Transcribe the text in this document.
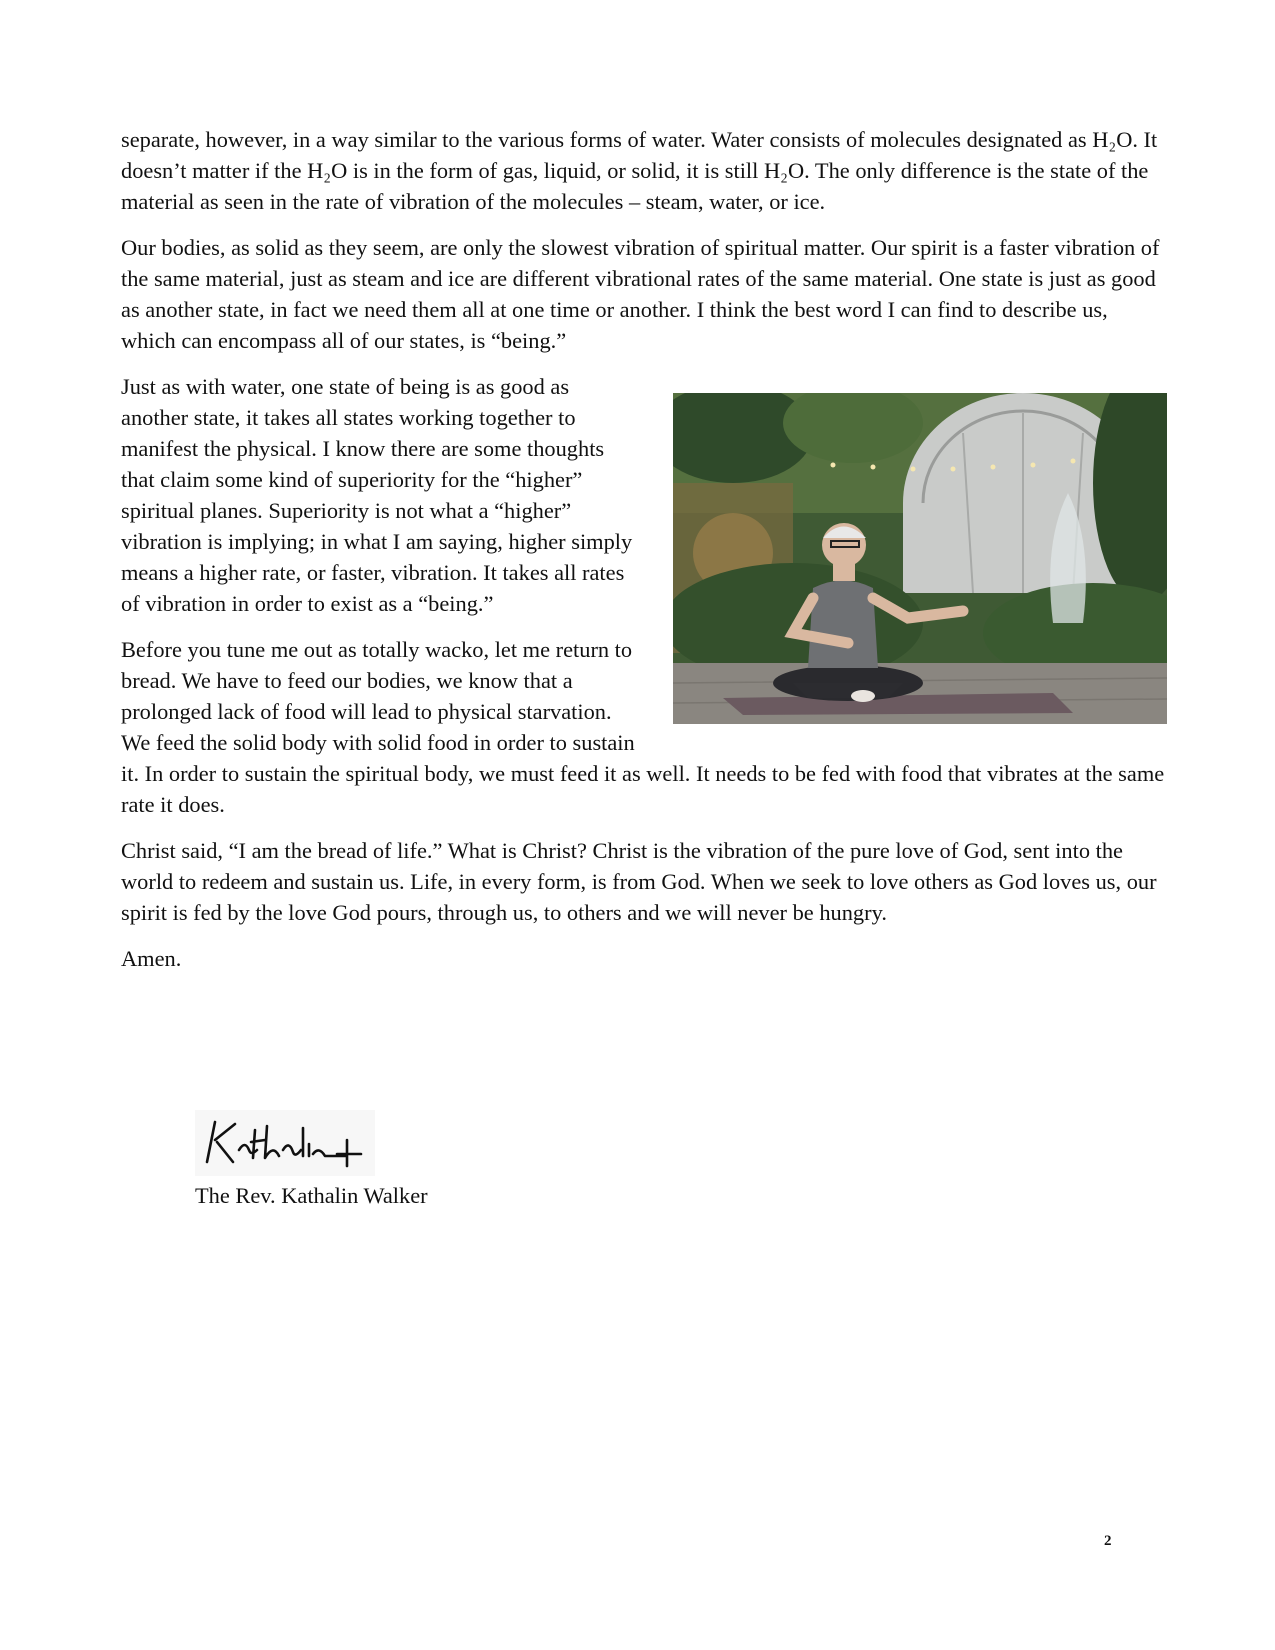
separate, however, in a way similar to the various forms of water. Water consists of molecules designated as H₂O. It doesn’t matter if the H₂O is in the form of gas, liquid, or solid, it is still H₂O. The only difference is the state of the material as seen in the rate of vibration of the molecules – steam, water, or ice.

Our bodies, as solid as they seem, are only the slowest vibration of spiritual matter. Our spirit is a faster vibration of the same material, just as steam and ice are different vibrational rates of the same material. One state is just as good as another state, in fact we need them all at one time or another. I think the best word I can find to describe us, which can encompass all of our states, is “being.”

Just as with water, one state of being is as good as another state, it takes all states working together to manifest the physical. I know there are some thoughts that claim some kind of superiority for the “higher” spiritual planes. Superiority is not what a “higher” vibration is implying; in what I am saying, higher simply means a higher rate, or faster, vibration. It takes all rates of vibration in order to exist as a “being.”

Before you tune me out as totally wacko, let me return to bread. We have to feed our bodies, we know that a prolonged lack of food will lead to physical starvation. We feed the solid body with solid food in order to sustain it. In order to sustain the spiritual body, we must feed it as well. It needs to be fed with food that vibrates at the same rate it does.

Christ said, “I am the bread of life.” What is Christ? Christ is the vibration of the pure love of God, sent into the world to redeem and sustain us. Life, in every form, is from God. When we seek to love others as God loves us, our spirit is fed by the love God pours, through us, to others and we will never be hungry.

Amen.

The Rev. Kathalin Walker
2
